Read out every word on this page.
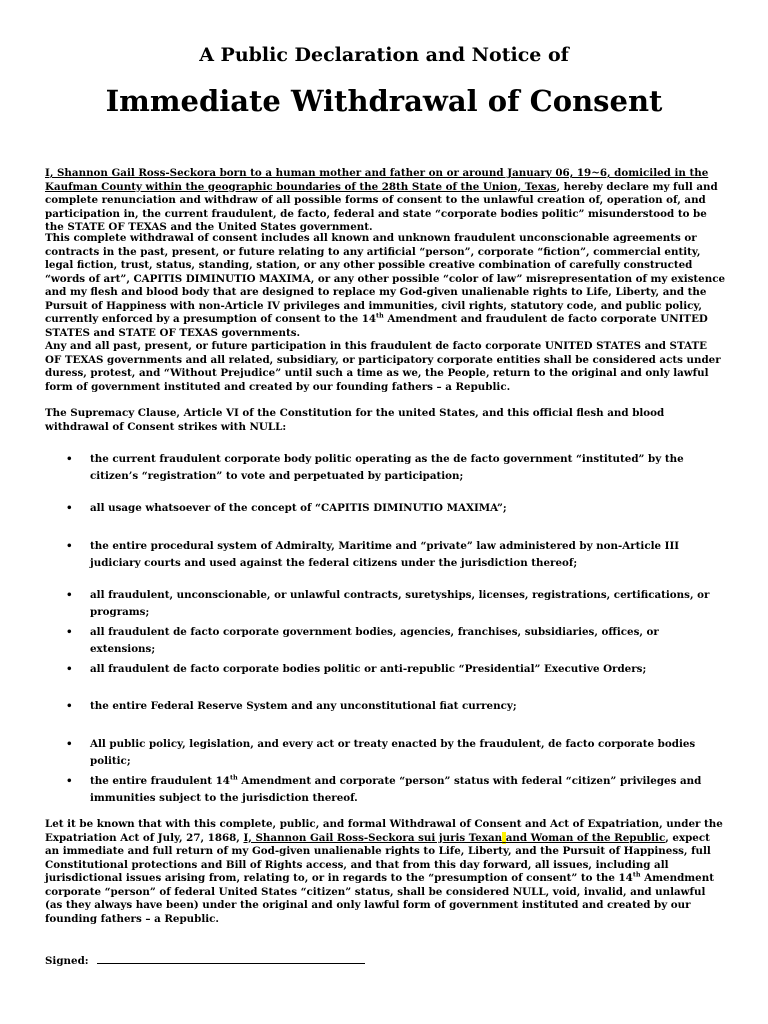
A Public Declaration and Notice of
Immediate Withdrawal of Consent
I, Shannon Gail Ross-Seckora born to a human mother and father on or around January 06, 19~6, domiciled in the Kaufman County within the geographic boundaries of the 28th State of the Union, Texas, hereby declare my full and complete renunciation and withdraw of all possible forms of consent to the unlawful creation of, operation of, and participation in, the current fraudulent, de facto, federal and state “corporate bodies politic” misunderstood to be the STATE OF TEXAS and the United States government.
This complete withdrawal of consent includes all known and unknown fraudulent unconscionable agreements or contracts in the past, present, or future relating to any artificial “person”, corporate “fiction”, commercial entity, legal fiction, trust, status, standing, station, or any other possible creative combination of carefully constructed “words of art”, CAPITIS DIMINUTIO MAXIMA, or any other possible “color of law” misrepresentation of my existence and my flesh and blood body that are designed to replace my God-given unalienable rights to Life, Liberty, and the Pursuit of Happiness with non-Article IV privileges and immunities, civil rights, statutory code, and public policy, currently enforced by a presumption of consent to the 14th Amendment and fraudulent de facto corporate UNITED STATES and STATE OF TEXAS governments.
Any and all past, present, or future participation in this fraudulent de facto corporate UNITED STATES and STATE OF TEXAS governments and all related, subsidiary, or participatory corporate entities shall be considered acts under duress, protest, and “Without Prejudice” until such a time as we, the People, return to the original and only lawful form of government instituted and created by our founding fathers – a Republic.
The Supremacy Clause, Article VI of the Constitution for the united States, and this official flesh and blood withdrawal of Consent strikes with NULL:
•	the current fraudulent corporate body politic operating as the de facto government “instituted” by the citizen’s “registration” to vote and perpetuated by participation;
•	all usage whatsoever of the concept of “CAPITIS DIMINUTIO MAXIMA”;
•	the entire procedural system of Admiralty, Maritime and “private” law administered by non-Article III judiciary courts and used against the federal citizens under the jurisdiction thereof;
•	all fraudulent, unconscionable, or unlawful contracts, suretyships, licenses, registrations, certifications, or programs;
•	all fraudulent de facto corporate government bodies, agencies, franchises, subsidiaries, offices, or extensions;
•	all fraudulent de facto corporate bodies politic or anti-republic “Presidential” Executive Orders;
•	the entire Federal Reserve System and any unconstitutional fiat currency;
•	All public policy, legislation, and every act or treaty enacted by the fraudulent, de facto corporate bodies politic;
•	the entire fraudulent 14th Amendment and corporate “person” status with federal “citizen” privileges and immunities subject to the jurisdiction thereof.
Let it be known that with this complete, public, and formal Withdrawal of Consent and Act of Expatriation, under the Expatriation Act of July, 27, 1868, I, Shannon Gail Ross-Seckora sui juris Texan and Woman of the Republic, expect an immediate and full return of my God-given unalienable rights to Life, Liberty, and the Pursuit of Happiness, full Constitutional protections and Bill of Rights access, and that from this day forward, all issues, including all jurisdictional issues arising from, relating to, or in regards to the “presumption of consent” to the 14th Amendment corporate “person” of federal United States “citizen” status, shall be considered NULL, void, invalid, and unlawful (as they always have been) under the original and only lawful form of government instituted and created by our founding fathers – a Republic.
Signed:
